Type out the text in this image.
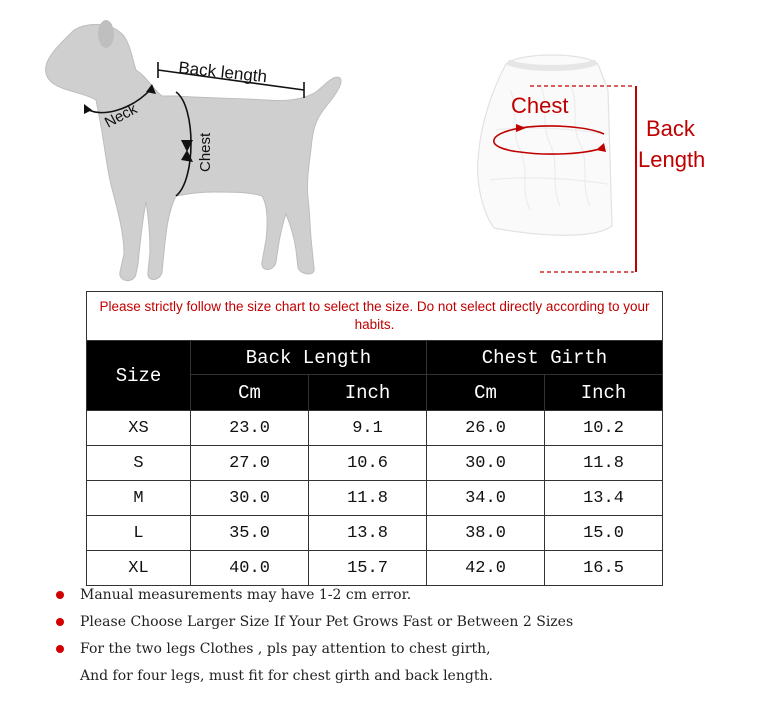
Back length
Neck
Chest
Chest
Back
Length
Please strictly follow the size chart to select the size. Do not select directly according to your habits.				
Size	Back Length		Chest Girth	
	Cm	Inch	Cm	Inch
XS	23.0	9.1	26.0	10.2
S	27.0	10.6	30.0	11.8
M	30.0	11.8	34.0	13.4
L	35.0	13.8	38.0	15.0
XL	40.0	15.7	42.0	16.5
Manual measurements may have 1-2 cm error.
Please Choose Larger Size If Your Pet Grows Fast or Between 2 Sizes
For the two legs Clothes , pls pay attention to chest girth,
And for four legs, must fit for chest girth and back length.
